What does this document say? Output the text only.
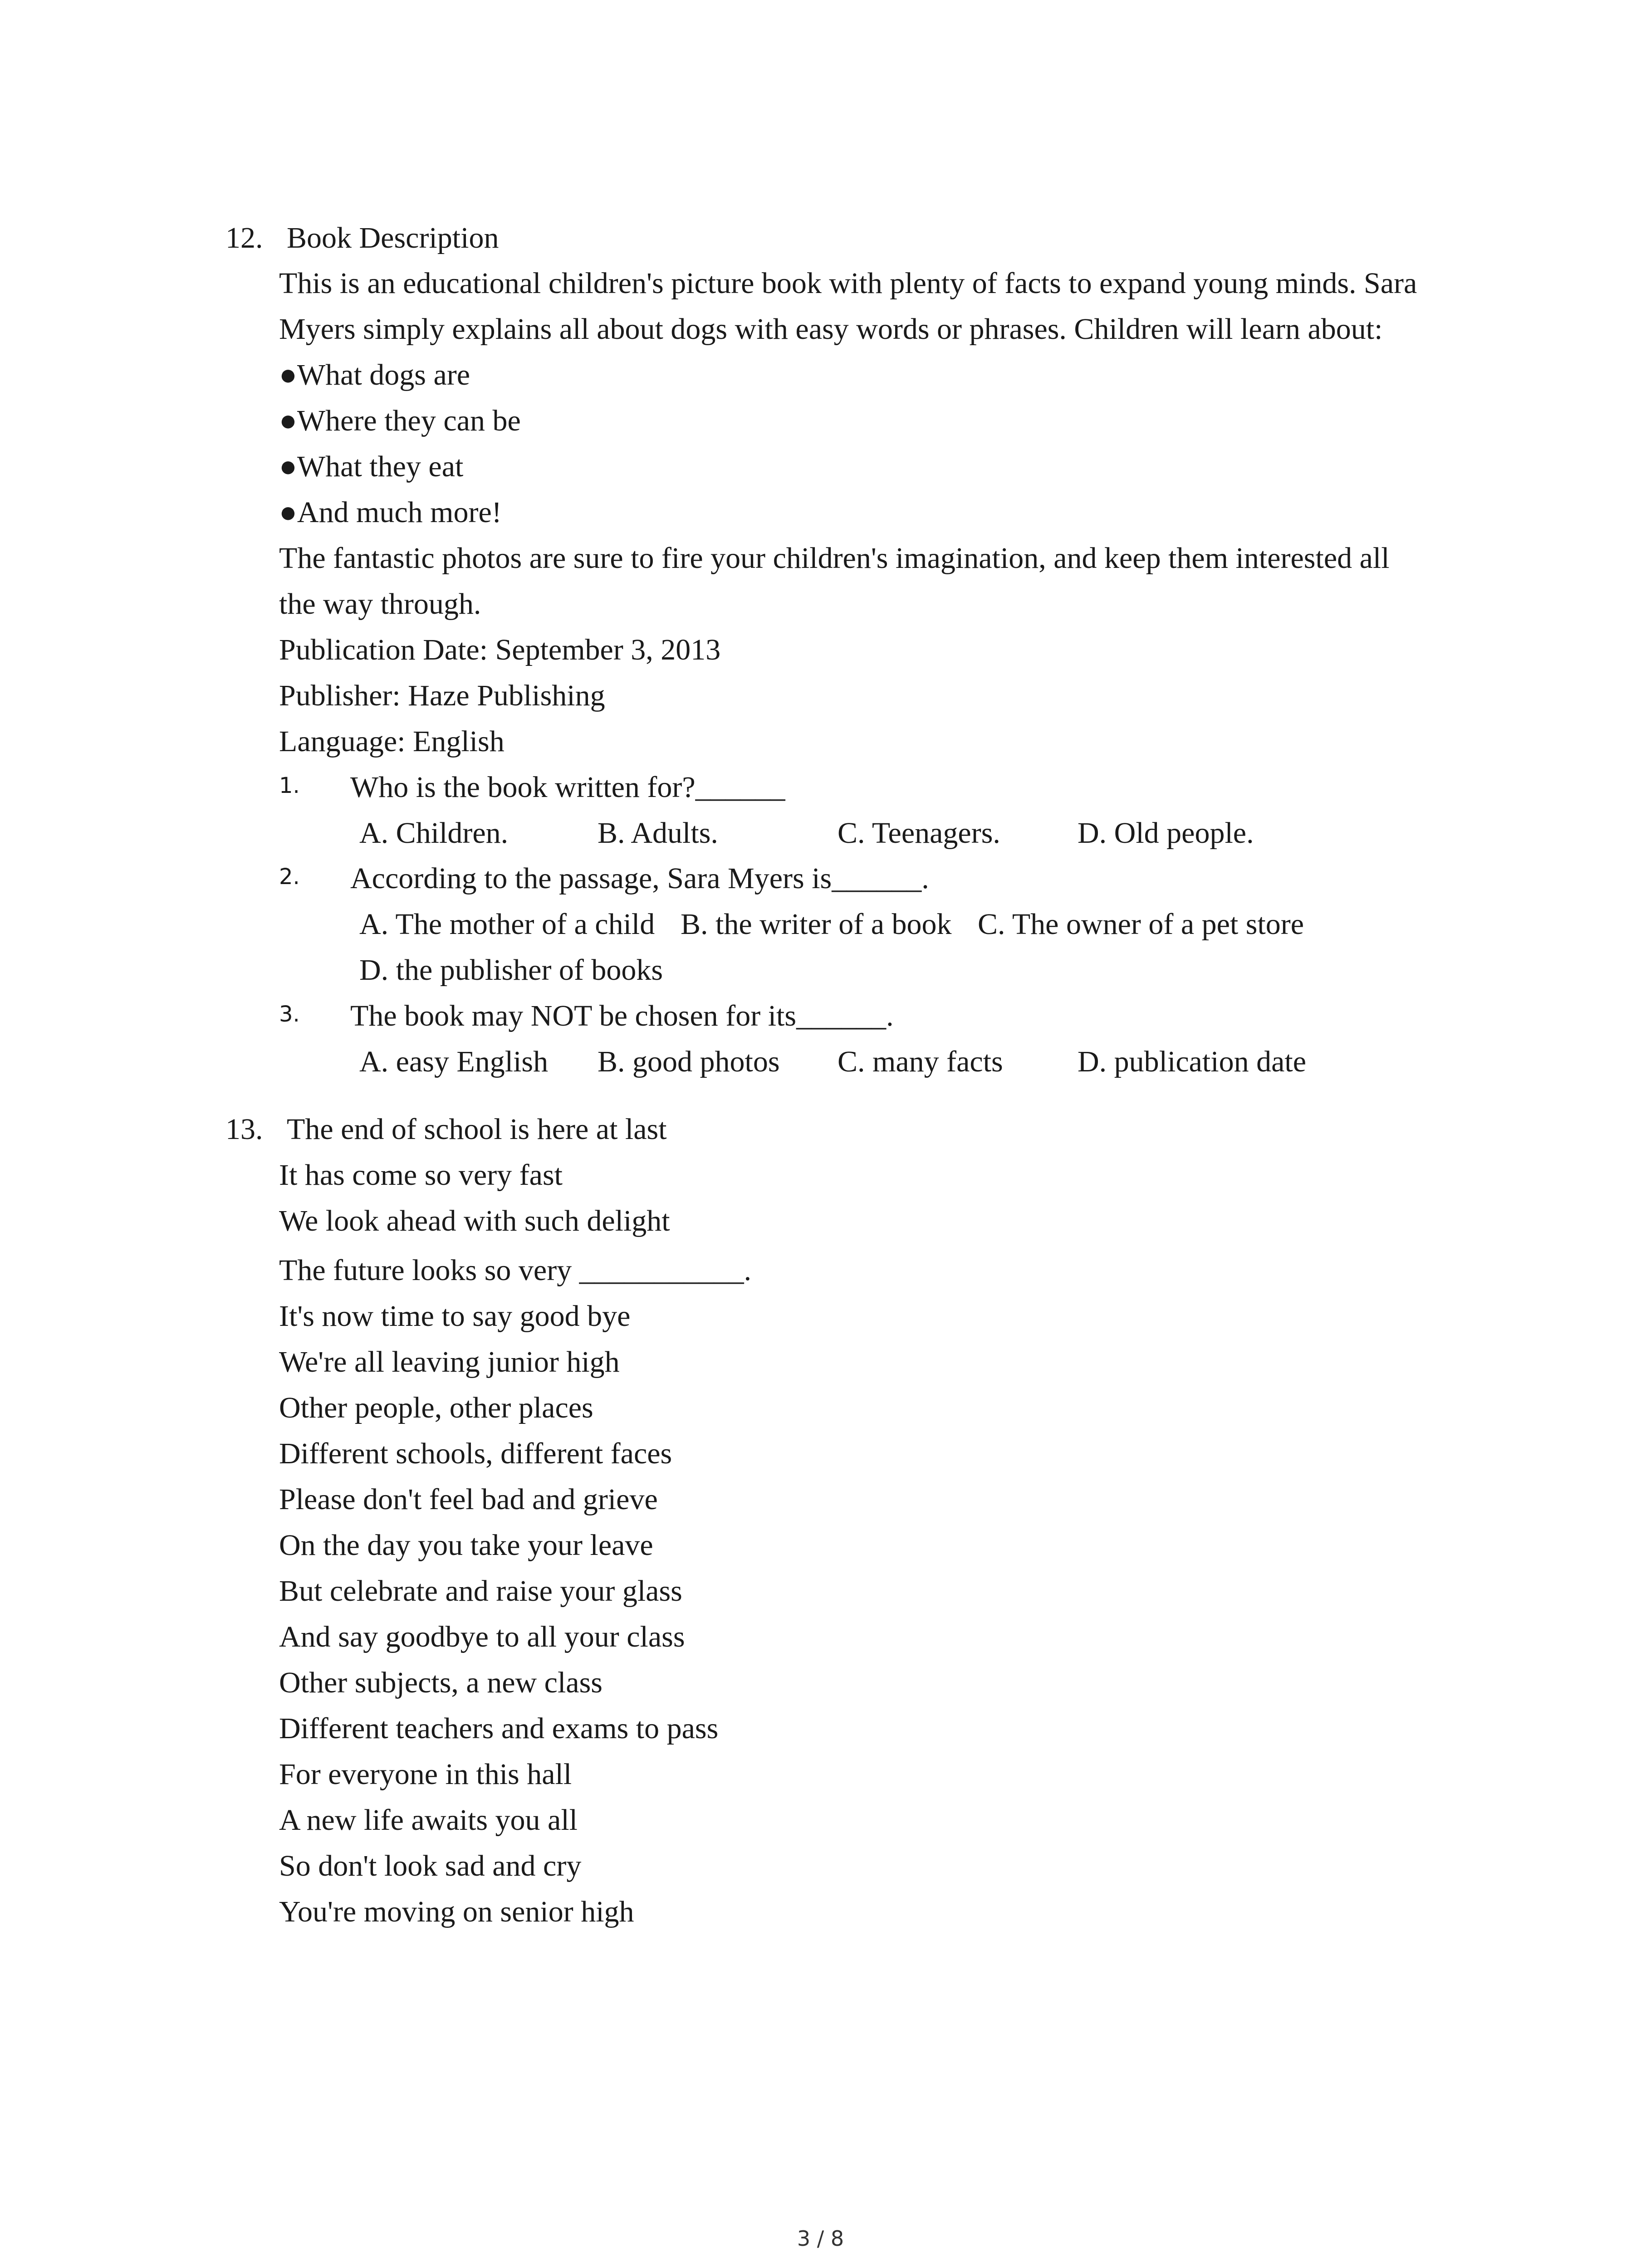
12. Book Description
This is an educational children's picture book with plenty of facts to expand young minds. Sara
Myers simply explains all about dogs with easy words or phrases. Children will learn about:
●What dogs are
●Where they can be
●What they eat
●And much more!
The fantastic photos are sure to fire your children's imagination, and keep them interested all
the way through.
Publication Date: September 3, 2013
Publisher: Haze Publishing
Language: English
1. Who is the book written for?______
A. Children.	B. Adults.	C. Teenagers.	D. Old people.
2. According to the passage, Sara Myers is______.
A. The mother of a child B. the writer of a book C. The owner of a pet store
D. the publisher of books
3. The book may NOT be chosen for its______.
A. easy English B. good photos C. many facts D. publication date
13. The end of school is here at last
It has come so very fast
We look ahead with such delight
The future looks so very ___________.
It's now time to say good bye
We're all leaving junior high
Other people, other places
Different schools, different faces
Please don't feel bad and grieve
On the day you take your leave
But celebrate and raise your glass
And say goodbye to all your class
Other subjects, a new class
Different teachers and exams to pass
For everyone in this hall
A new life awaits you all
So don't look sad and cry
You're moving on senior high
3 / 8
